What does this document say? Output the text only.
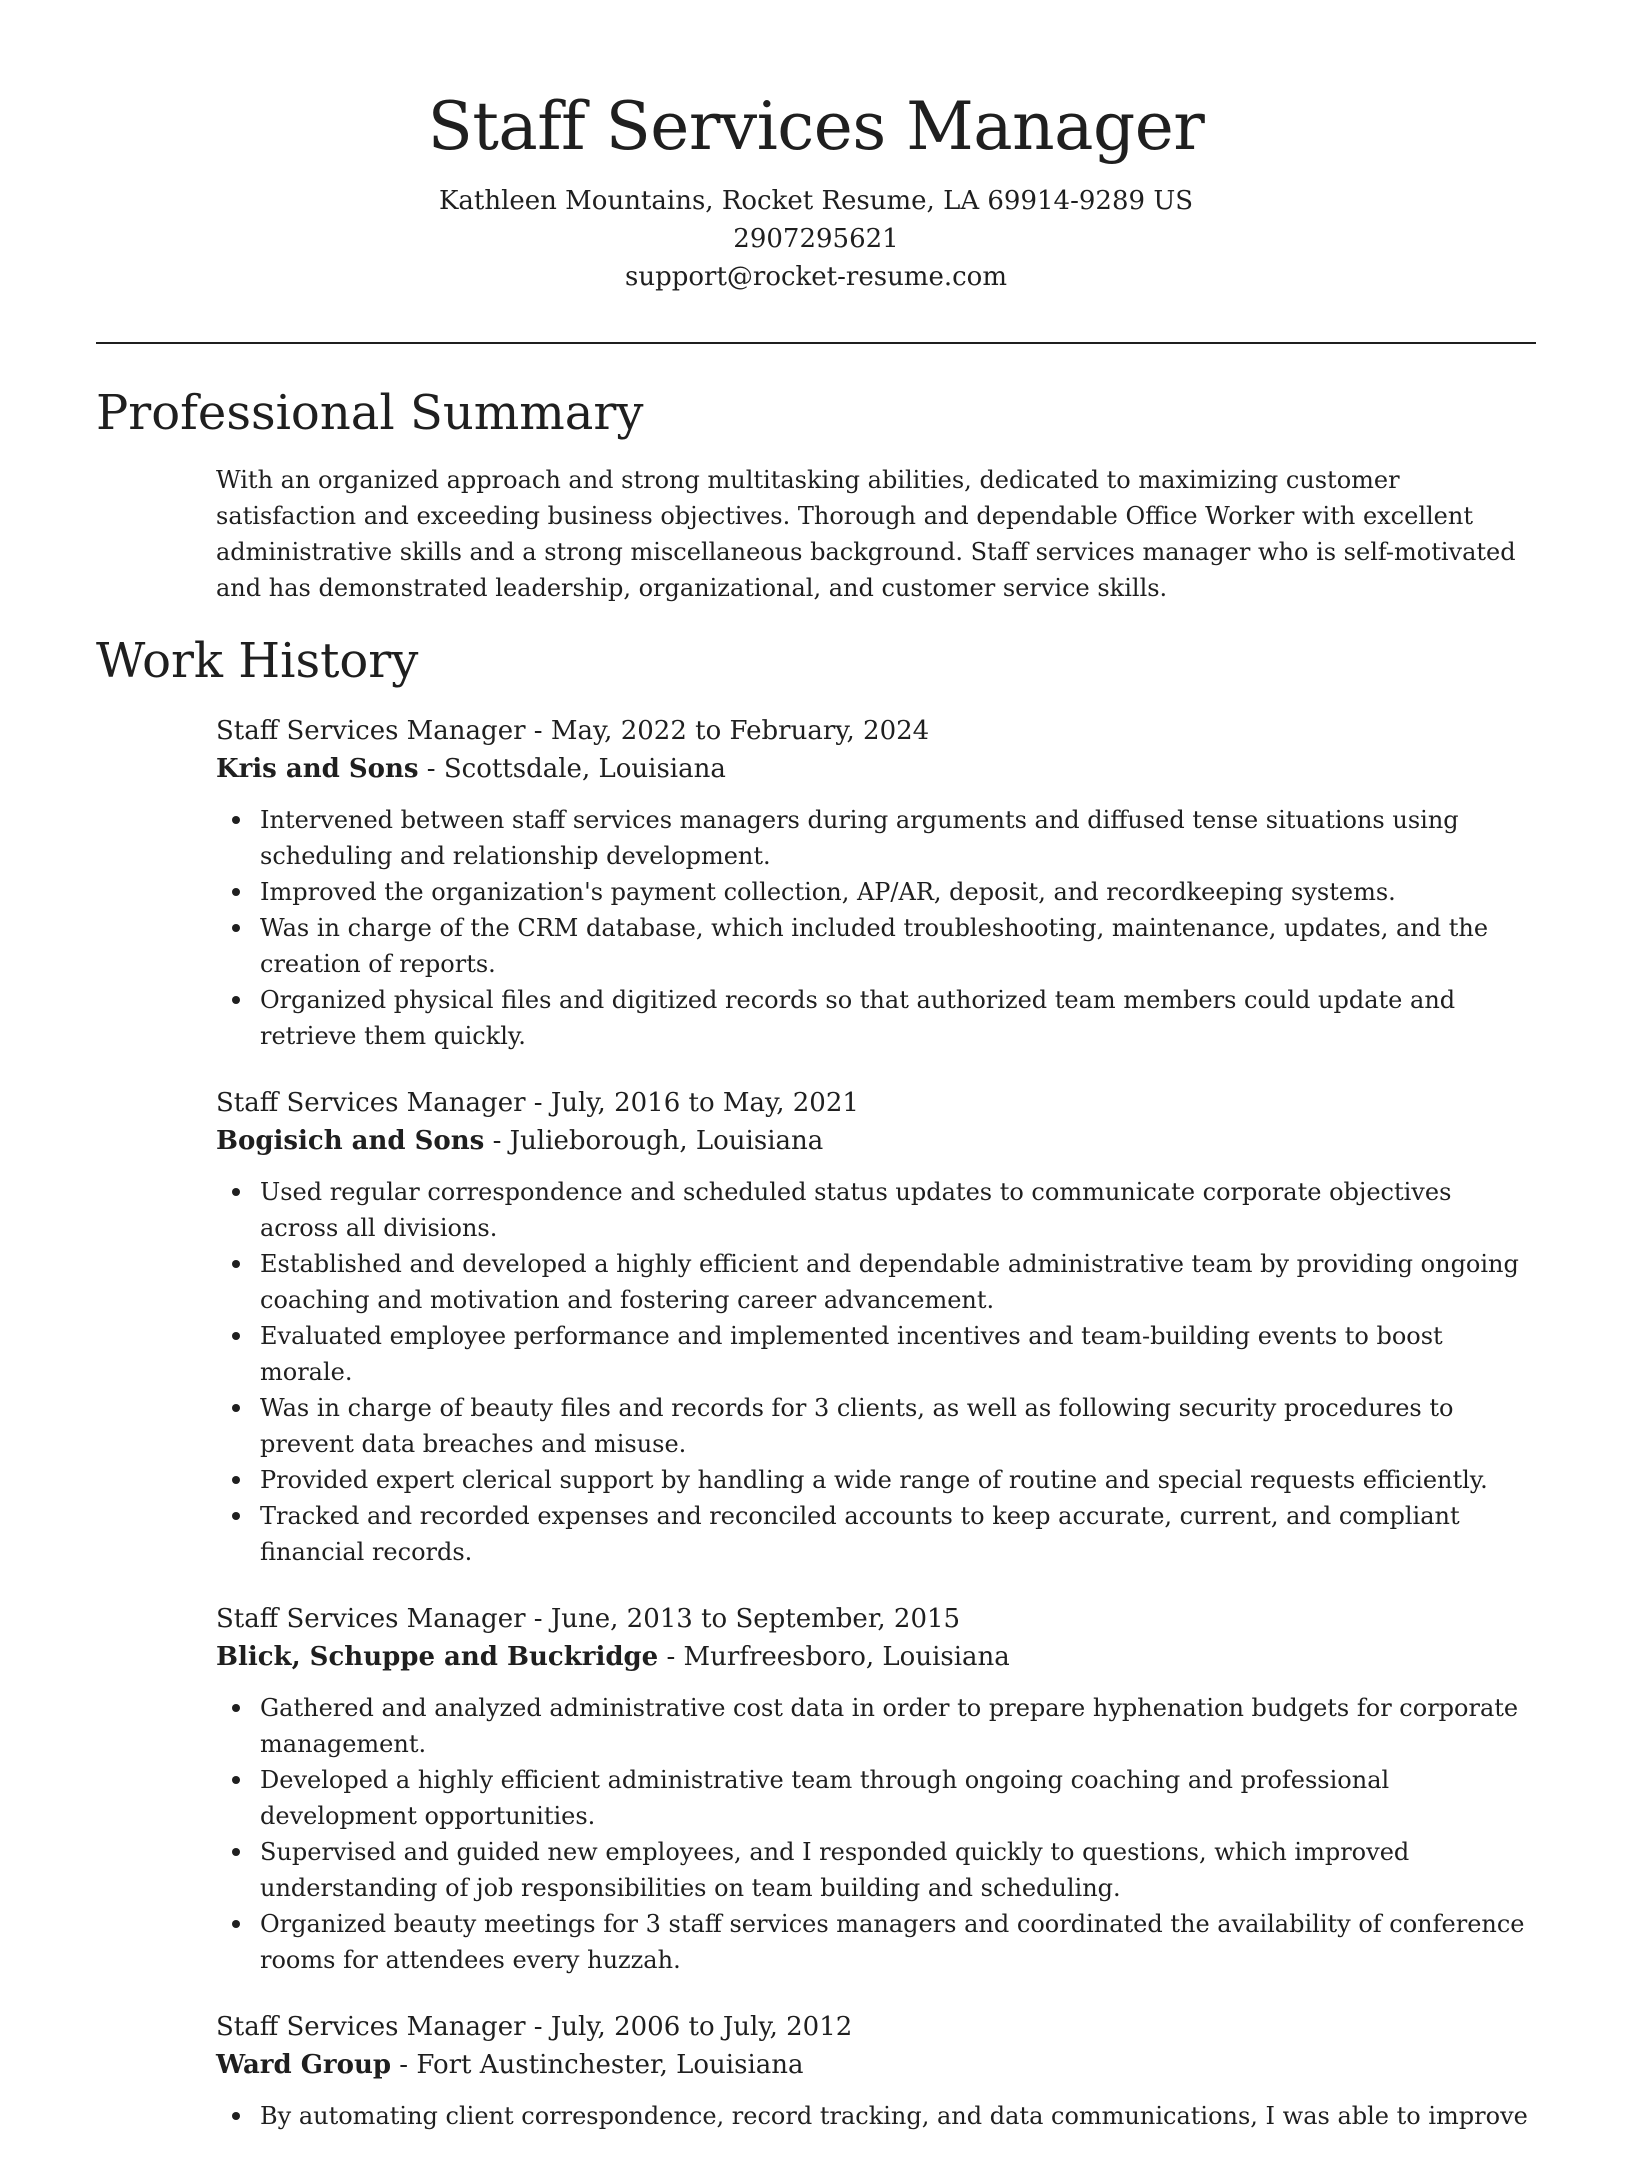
Staff Services Manager
Kathleen Mountains, Rocket Resume, LA 69914-9289 US
2907295621
support@rocket-resume.com
Professional Summary

With an organized approach and strong multitasking abilities, dedicated to maximizing customer satisfaction and exceeding business objectives. Thorough and dependable Office Worker with excellent administrative skills and a strong miscellaneous background. Staff services manager who is self-motivated and has demonstrated leadership, organizational, and customer service skills.

Work History
Staff Services Manager - May, 2022 to February, 2024
Kris and Sons - Scottsdale, Louisiana
Intervened between staff services managers during arguments and diffused tense situations using scheduling and relationship development.
Improved the organization's payment collection, AP/AR, deposit, and recordkeeping systems.
Was in charge of the CRM database, which included troubleshooting, maintenance, updates, and the creation of reports.
Organized physical files and digitized records so that authorized team members could update and retrieve them quickly.
Staff Services Manager - July, 2016 to May, 2021
Bogisich and Sons - Julieborough, Louisiana
Used regular correspondence and scheduled status updates to communicate corporate objectives across all divisions.
Established and developed a highly efficient and dependable administrative team by providing ongoing coaching and motivation and fostering career advancement.
Evaluated employee performance and implemented incentives and team-building events to boost morale.
Was in charge of beauty files and records for 3 clients, as well as following security procedures to prevent data breaches and misuse.
Provided expert clerical support by handling a wide range of routine and special requests efficiently.
Tracked and recorded expenses and reconciled accounts to keep accurate, current, and compliant financial records.
Staff Services Manager - June, 2013 to September, 2015
Blick, Schuppe and Buckridge - Murfreesboro, Louisiana
Gathered and analyzed administrative cost data in order to prepare hyphenation budgets for corporate management.
Developed a highly efficient administrative team through ongoing coaching and professional development opportunities.
Supervised and guided new employees, and I responded quickly to questions, which improved understanding of job responsibilities on team building and scheduling.
Organized beauty meetings for 3 staff services managers and coordinated the availability of conference rooms for attendees every huzzah.
Staff Services Manager - July, 2006 to July, 2012
Ward Group - Fort Austinchester, Louisiana
By automating client correspondence, record tracking, and data communications, I was able to improve
